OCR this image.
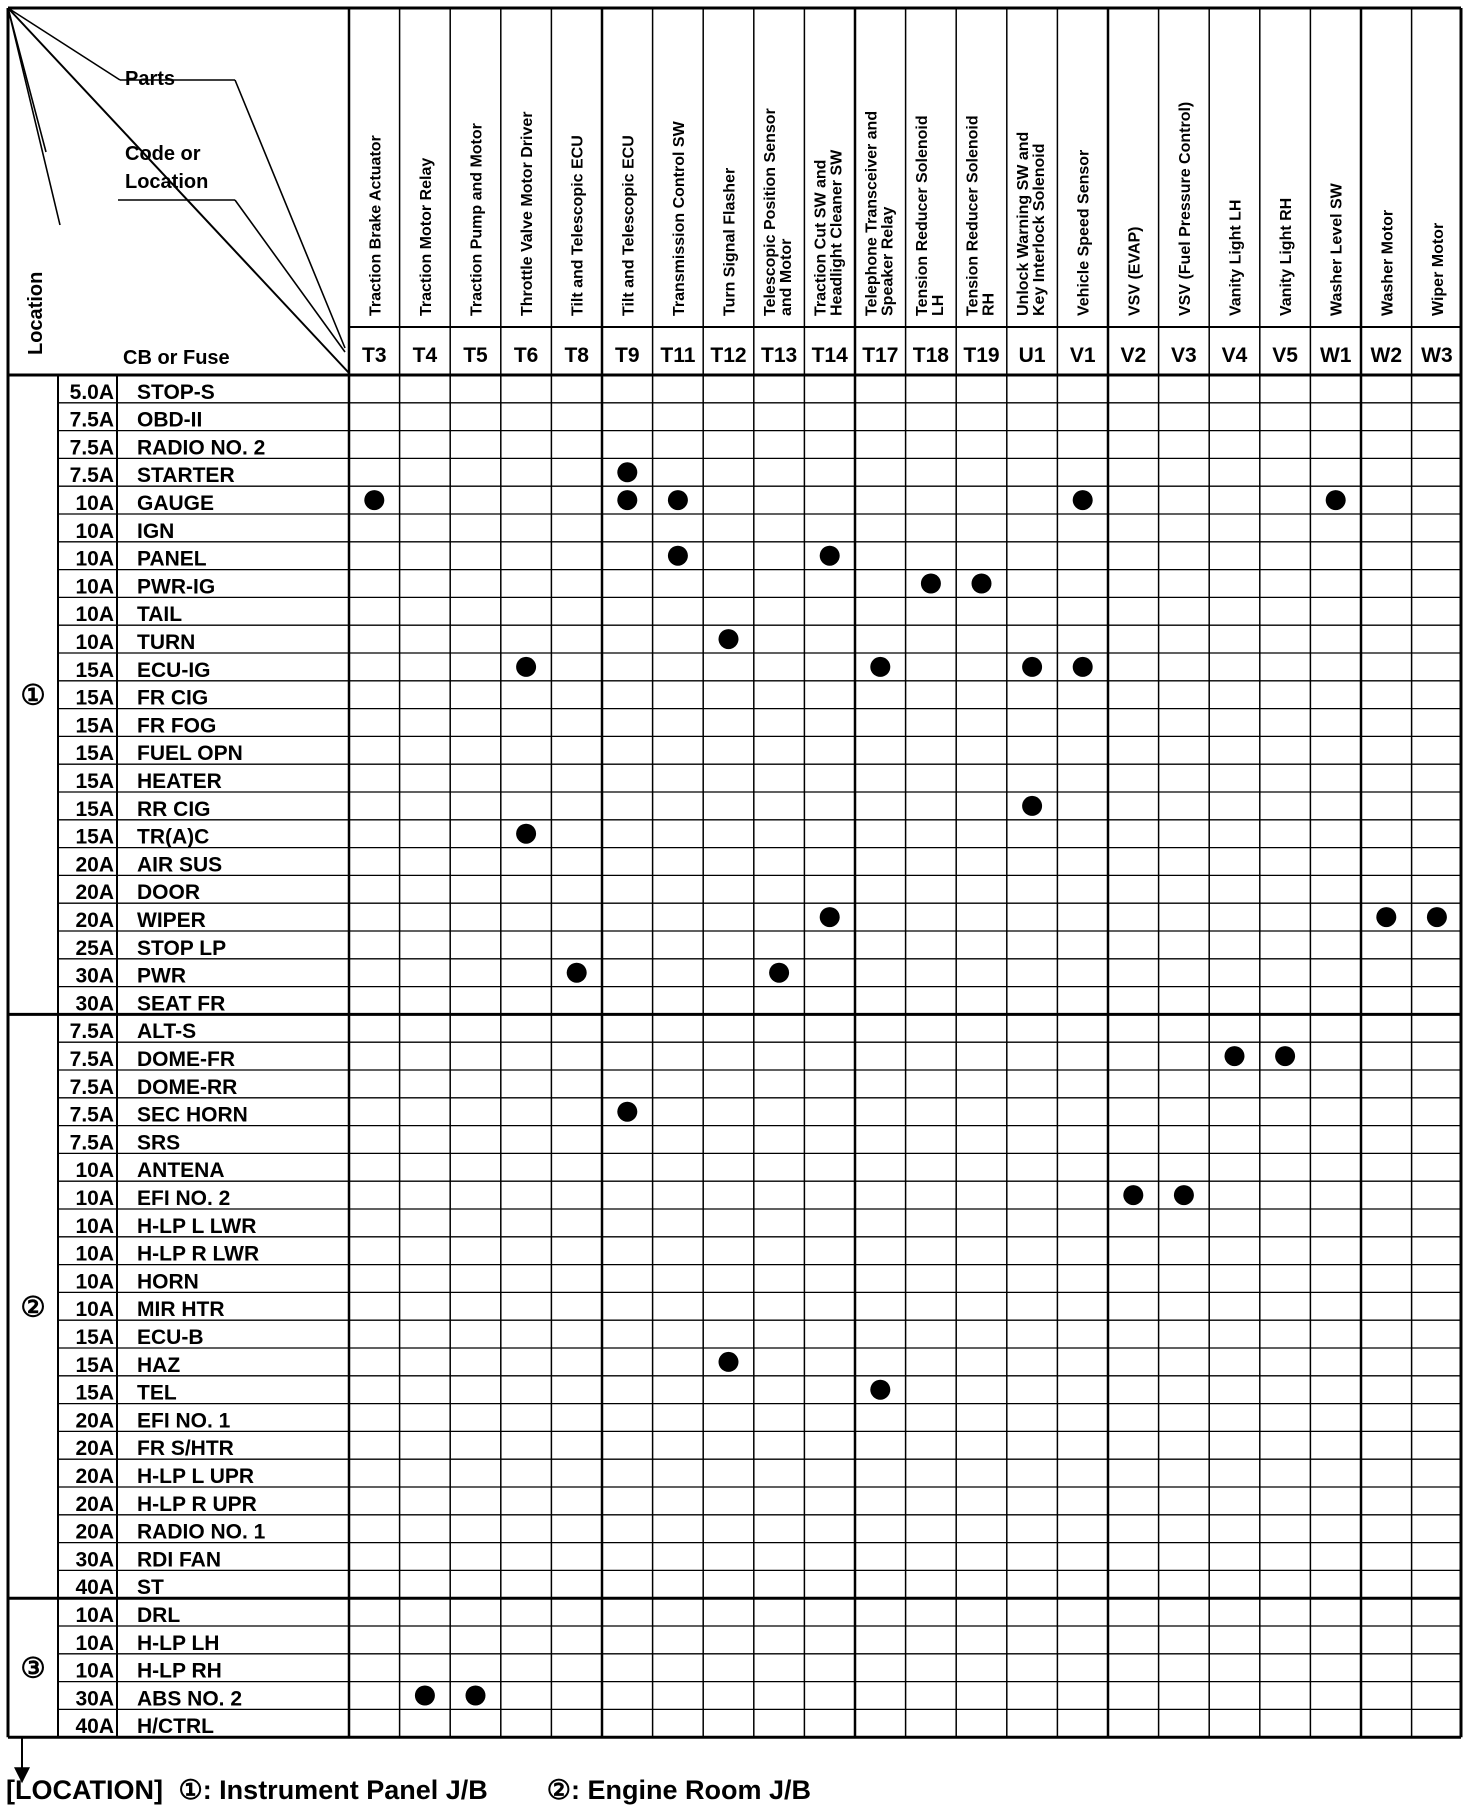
Traction Brake Actuator
T3
Traction Motor Relay
T4
Traction Pump and Motor
T5
Throttle Valve Motor Driver
T6
Tilt and Telescopic ECU
T8
Tilt and Telescopic ECU
T9
Transmission Control SW
T11
Turn Signal Flasher
T12
Telescopic Position Sensor and Motor
T13
Traction Cut SW and Headlight Cleaner SW
T14
Telephone Transceiver and Speaker Relay
T17
Tension Reducer Solenoid LH
T18
Tension Reducer Solenoid RH
T19
Unlock Warning SW and Key Interlock Solenoid
U1
Vehicle Speed Sensor
V1
VSV (EVAP)
V2
VSV (Fuel Pressure Control)
V3
Vanity Light LH
V4
Vanity Light RH
V5
Washer Level SW
W1
Washer Motor
W2
Wiper Motor
W3
Parts
Code or
Location
Location
CB or Fuse
5.0A STOP-S
7.5A OBD-II
7.5A RADIO NO. 2
7.5A STARTER
10A GAUGE
10A IGN
10A PANEL
10A PWR-IG
10A TAIL
10A TURN
15A ECU-IG
15A FR CIG
15A FR FOG
15A FUEL OPN
15A HEATER
15A RR CIG
15A TR(A)C
20A AIR SUS
20A DOOR
20A WIPER
25A STOP LP
30A PWR
30A SEAT FR
①
7.5A ALT-S
7.5A DOME-FR
7.5A DOME-RR
7.5A SEC HORN
7.5A SRS
10A ANTENA
10A EFI NO. 2
10A H-LP L LWR
10A H-LP R LWR
10A HORN
10A MIR HTR
15A ECU-B
15A HAZ
15A TEL
20A EFI NO. 1
20A FR S/HTR
20A H-LP L UPR
20A H-LP R UPR
20A RADIO NO. 1
30A RDI FAN
40A ST
②
10A DRL
10A H-LP LH
10A H-LP RH
30A ABS NO. 2
40A H/CTRL
③
[LOCATION] ①: Instrument Panel J/B ②: Engine Room J/B
